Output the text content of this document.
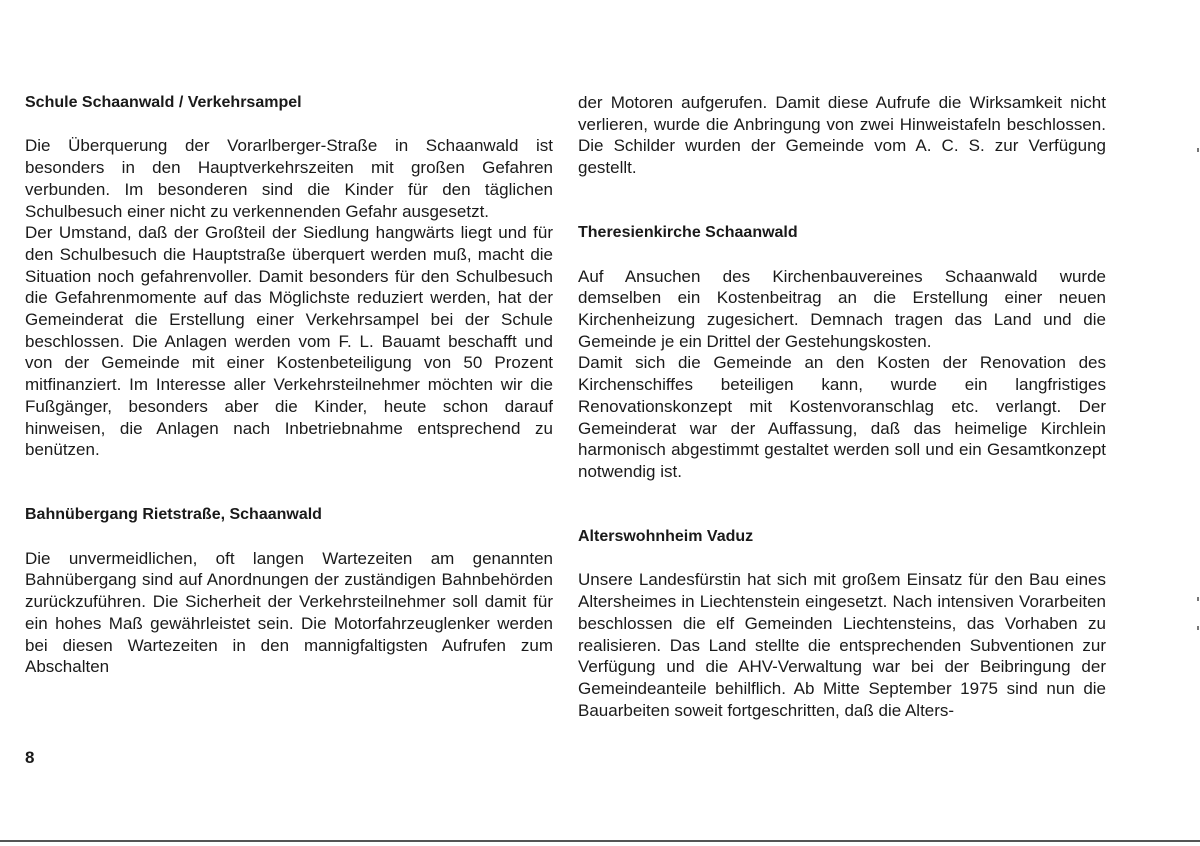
Schule Schaanwald / Verkehrsampel

Die Überquerung der Vorarlberger-Straße in Schaanwald ist besonders in den Hauptverkehrszeiten mit großen Gefahren verbunden. Im besonderen sind die Kinder für den täglichen Schulbesuch einer nicht zu verkennenden Gefahr ausgesetzt.

Der Umstand, daß der Großteil der Siedlung hangwärts liegt und für den Schulbesuch die Hauptstraße überquert werden muß, macht die Situation noch gefahrenvoller. Damit besonders für den Schulbesuch die Gefahrenmomente auf das Möglichste reduziert werden, hat der Gemeinderat die Erstellung einer Verkehrsampel bei der Schule beschlossen. Die Anlagen werden vom F. L. Bauamt beschafft und von der Gemeinde mit einer Kostenbeteiligung von 50 Prozent mitfinanziert. Im Interesse aller Verkehrsteilnehmer möchten wir die Fußgänger, besonders aber die Kinder, heute schon darauf hinweisen, die Anlagen nach Inbetriebnahme entsprechend zu benützen.

Bahnübergang Rietstraße, Schaanwald

Die unvermeidlichen, oft langen Wartezeiten am genannten Bahnübergang sind auf Anordnungen der zuständigen Bahnbehörden zurückzuführen. Die Sicherheit der Verkehrsteilnehmer soll damit für ein hohes Maß gewährleistet sein. Die Motorfahrzeuglenker werden bei diesen Wartezeiten in den mannigfaltigsten Aufrufen zum Abschalten

der Motoren aufgerufen. Damit diese Aufrufe die Wirksamkeit nicht verlieren, wurde die Anbringung von zwei Hinweistafeln beschlossen. Die Schilder wurden der Gemeinde vom A. C. S. zur Verfügung gestellt.

Theresienkirche Schaanwald

Auf Ansuchen des Kirchenbauvereines Schaanwald wurde demselben ein Kostenbeitrag an die Erstellung einer neuen Kirchenheizung zugesichert. Demnach tragen das Land und die Gemeinde je ein Drittel der Gestehungskosten.

Damit sich die Gemeinde an den Kosten der Renovation des Kirchenschiffes beteiligen kann, wurde ein langfristiges Renovationskonzept mit Kostenvoranschlag etc. verlangt. Der Gemeinderat war der Auffassung, daß das heimelige Kirchlein harmonisch abgestimmt gestaltet werden soll und ein Gesamtkonzept notwendig ist.

Alterswohnheim Vaduz

Unsere Landesfürstin hat sich mit großem Einsatz für den Bau eines Altersheimes in Liechtenstein eingesetzt. Nach intensiven Vorarbeiten beschlossen die elf Gemeinden Liechtensteins, das Vorhaben zu realisieren. Das Land stellte die entsprechenden Subventionen zur Verfügung und die AHV-Verwaltung war bei der Beibringung der Gemeindeanteile behilflich. Ab Mitte September 1975 sind nun die Bauarbeiten soweit fortgeschritten, daß die Alters-

8
